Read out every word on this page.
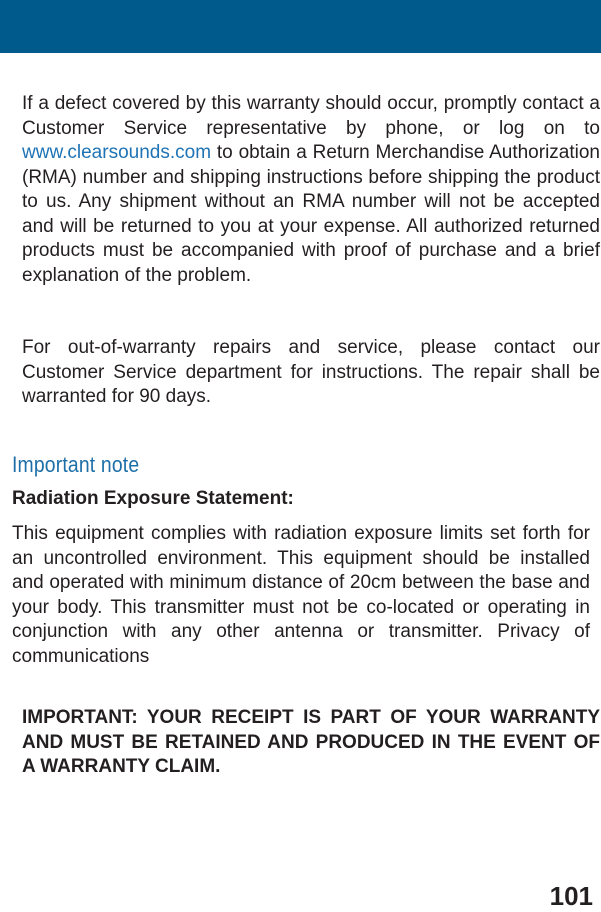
If a defect covered by this warranty should occur, promptly contact a Customer Service representative by phone, or log on to www.clearsounds.com to obtain a Return Merchandise Authorization (RMA) number and shipping instructions before shipping the product to us. Any shipment without an RMA number will not be accepted and will be returned to you at your expense. All authorized returned products must be accompanied with proof of purchase and a brief explanation of the problem.

For out-of-warranty repairs and service, please contact our Customer Service department for instructions. The repair shall be warranted for 90 days.

Important note
Radiation Exposure Statement:

This equipment complies with radiation exposure limits set forth for an uncontrolled environment. This equipment should be installed and operated with minimum distance of 20cm between the base and your body. This transmitter must not be co-located or operating in conjunction with any other antenna or transmitter. Privacy of communications

IMPORTANT: YOUR RECEIPT IS PART OF YOUR WARRANTY AND MUST BE RETAINED AND PRODUCED IN THE EVENT OF A WARRANTY CLAIM.

101
